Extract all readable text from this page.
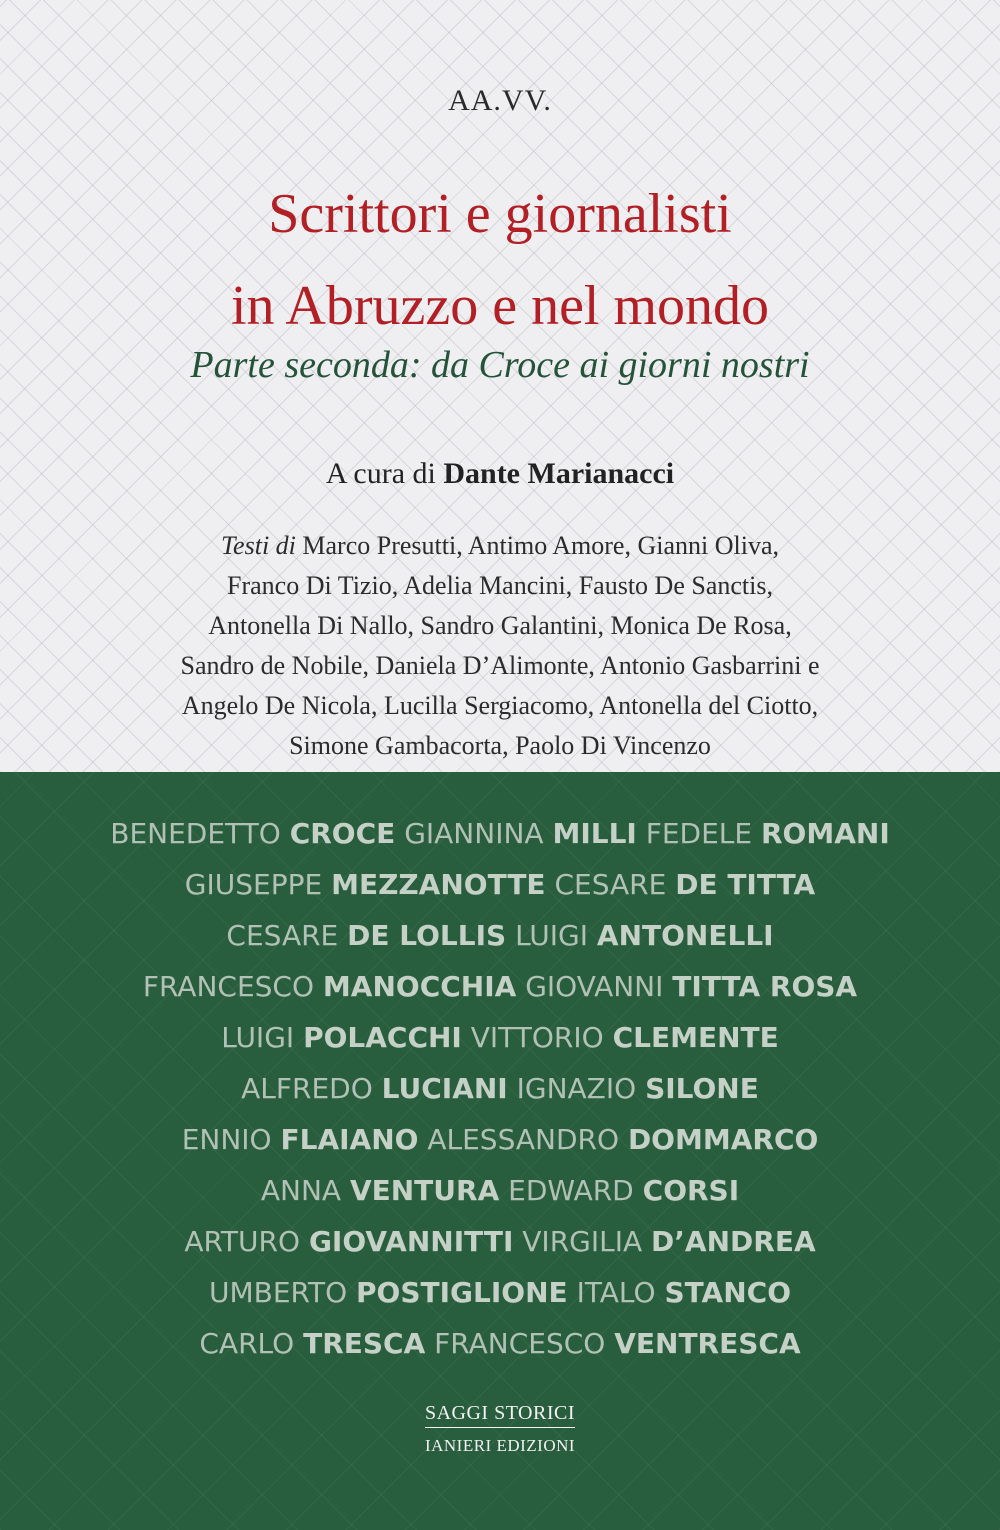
AA.VV.
Scrittori e giornalisti
in Abruzzo e nel mondo
Parte seconda: da Croce ai giorni nostri
A cura di Dante Marianacci
Testi di Marco Presutti, Antimo Amore, Gianni Oliva,
Franco Di Tizio, Adelia Mancini, Fausto De Sanctis,
Antonella Di Nallo, Sandro Galantini, Monica De Rosa,
Sandro de Nobile, Daniela D’Alimonte, Antonio Gasbarrini e
Angelo De Nicola, Lucilla Sergiacomo, Antonella del Ciotto,
Simone Gambacorta, Paolo Di Vincenzo
BENEDETTO CROCE GIANNINA MILLI FEDELE ROMANI
GIUSEPPE MEZZANOTTE CESARE DE TITTA
CESARE DE LOLLIS LUIGI ANTONELLI
FRANCESCO MANOCCHIA GIOVANNI TITTA ROSA
LUIGI POLACCHI VITTORIO CLEMENTE
ALFREDO LUCIANI IGNAZIO SILONE
ENNIO FLAIANO ALESSANDRO DOMMARCO
ANNA VENTURA EDWARD CORSI
ARTURO GIOVANNITTI VIRGILIA D’ANDREA
UMBERTO POSTIGLIONE ITALO STANCO
CARLO TRESCA FRANCESCO VENTRESCA
SAGGI STORICI
IANIERI EDIZIONI
